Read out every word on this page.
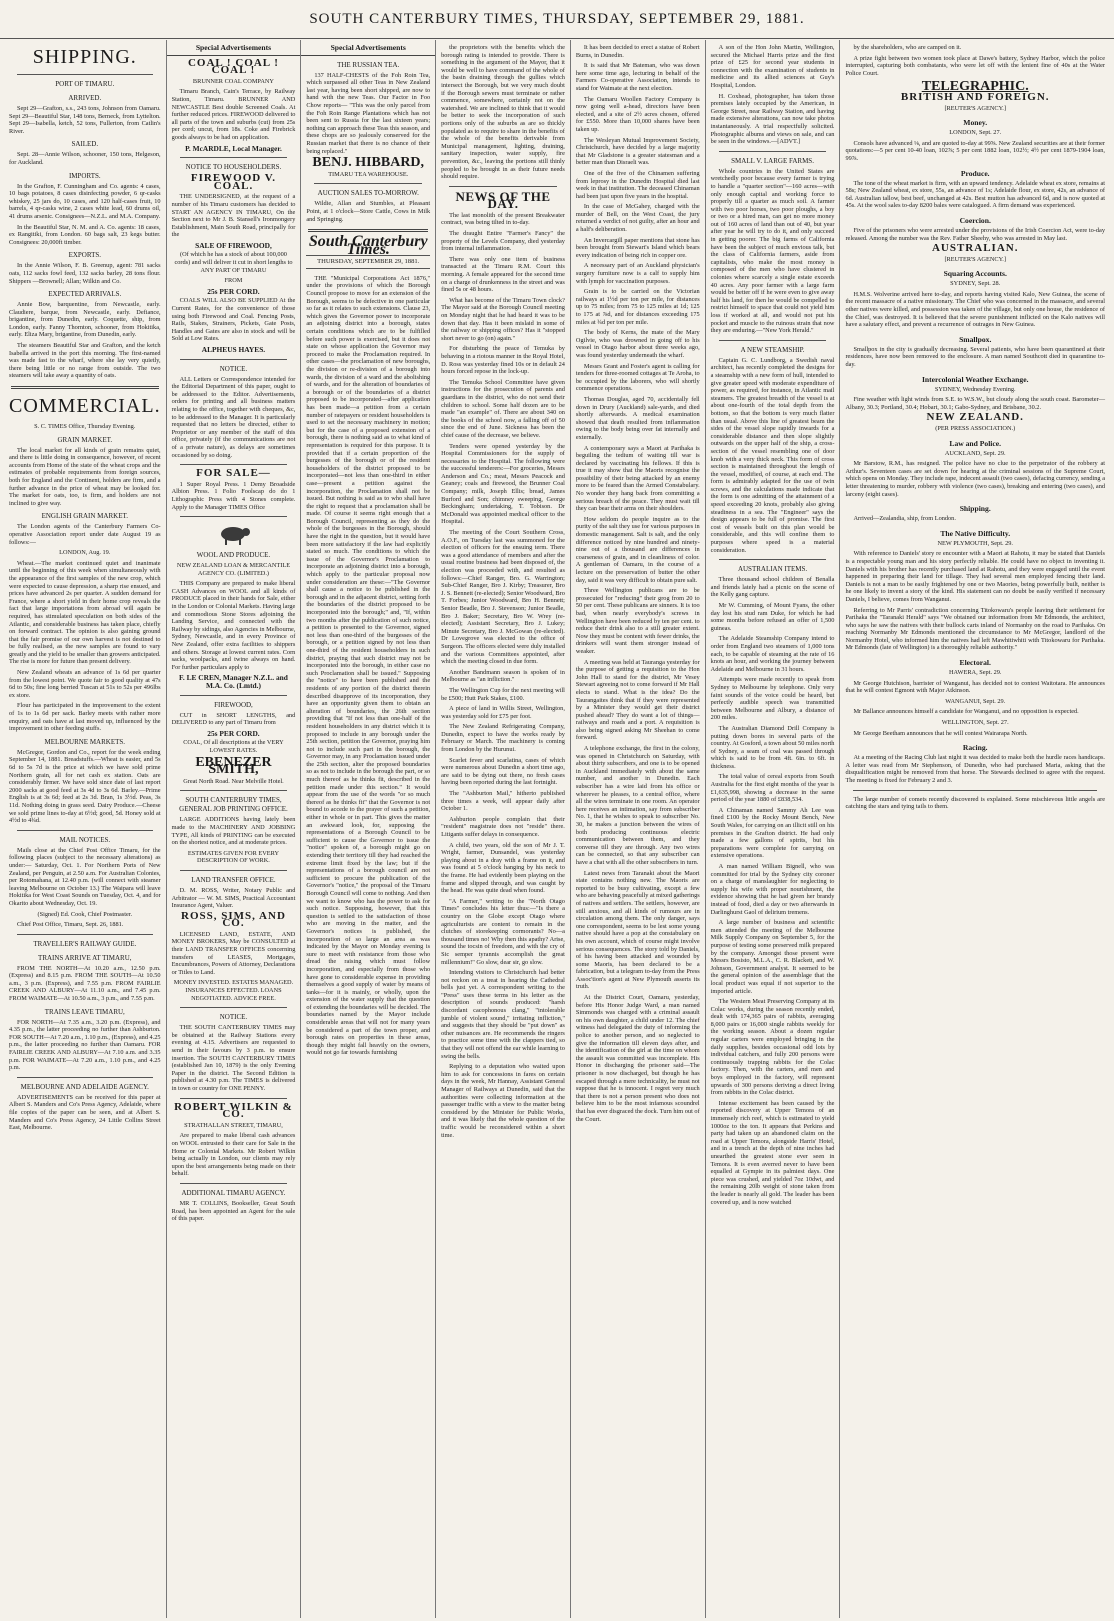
SOUTH CANTERBURY TIMES, THURSDAY, SEPTEMBER 29, 1881.
SHIPPING.
PORT OF TIMARU.
ARRIVED.

Sept 29—Grafton, s.s., 243 tons, Johnson from Oamaru. Sept 29—Beautiful Star, 148 tons, Berneck, from Lyttelton. Sept 29—Isabella, ketch, 52 tons, Fullerton, from Catlin's River.

SAILED.

Sept. 28—Annie Wilson, schooner, 150 tons, Helgeson, for Auckland.

IMPORTS.

In the Grafton, F. Cunningham and Co. agents: 4 cases, 10 bags potatoes, 8 cases disinfecting powder, 6 qr-casks whiskey, 25 jars do, 10 cases, and 120 half-cases fruit, 10 barrels, 4 qr-casks wine, 2 cases white lead, 60 drums oil, 41 drums arsenic. Consignees—N.Z.L. and M.A. Company.

In the Beautiful Star, N. M. and A. Co. agents: 18 cases, ex Rangitiki, from London. 60 bags salt, 23 kegs butter. Consignees: 20,000ft timber.

EXPORTS.

In the Annie Wilson, F. B. Greenup, agent: 781 sacks oats, 112 sacks fowl feed, 132 sacks barley, 28 tons flour. Shippers —Brownell; Allan; Wilkin and Co.

EXPECTED ARRIVALS.

Annie Bow, barquentine, from Newcastle, early. Claudiere, barque, from Newcastle, early. Defiance, brigantine, from Dunedin, early. Coquette, ship, from London, early. Fanny Thornton, schooner, from Hokitika, early. Eliza Mary, brigantine, from Dunedin, early.

The steamers Beautiful Star and Grafton, and the ketch Isabella arrived in the port this morning. The first-named was made fast to the wharf, where she lay very quietly, there being little or no range from outside. The two steamers will take away a quantity of oats.

COMMERCIAL.

S. C. TIMES Office, Thursday Evening.

GRAIN MARKET.

The local market for all kinds of grain remains quiet, and there is little doing in consequence, however, of recent accounts from Home of the state of the wheat crops and the estimates of probable requirements from foreign sources, both for England and the Continent, holders are firm, and a further advance in the price of wheat may be looked for. The market for oats, too, is firm, and holders are not inclined to give way.

ENGLISH GRAIN MARKET.

The London agents of the Canterbury Farmers Co-operative Association report under date August 19 as follows:—

LONDON, Aug. 19.

Wheat.—The market continued quiet and inanimate until the beginning of this week when simultaneously with the appearance of the first samples of the new crop, which were expected to cause depression, a sharp rise ensued, and prices have advanced 2s per quarter. A sudden demand for France, where a short yield in their home crop reveals the fact that large importations from abroad will again be required, has stimulated speculation on both sides of the Atlantic, and considerable business has taken place, chiefly on forward contract. The opinion is also gaining ground that the fair promise of our own harvest is not destined to be fully realised, as the new samples are found to vary greatly and the yield to be smaller than growers anticipated. The rise is more for future than present delivery.

New Zealand wheats an advance of 1s 6d per quarter from the lowest point. We quote fair to good quality at 47s 6d to 50s; fine long berried Tuscan at 51s to 52s per 496lbs ex store.

Flour has participated in the improvement to the extent of 1s to 1s 6d per sack. Barley meets with rather more enquiry, and oats have at last moved up, influenced by the improvement in other feeding stuffs.

MELBOURNE MARKETS.

McGregor, Gordon and Co., report for the week ending September 14, 1881. Breadstuffs.—Wheat is easier, and 5s 6d to 5s 7d is the price at which we have sold prime Northern grain, all for net cash ex station. Oats are considerably firmer. We have sold since date of last report 2000 sacks at good feed at 3s 4d to 3s 6d. Barley.—Prime English is at 3s 6d; feed at 2s 3d. Bran, 1s 3½d. Peas, 3s 11d. Nothing doing in grass seed. Dairy Produce.—Cheese we sold prime lines to-day at 6½d; good, 5d. Honey sold at 4½d to 4¾d.

MAIL NOTICES.

Mails close at the Chief Post Office Timaru, for the following places (subject to the necessary alterations) as under:— Saturday, Oct. 1. For Northern Ports of New Zealand, per Penguin, at 2.50 a.m. For Australian Colonies, per Rotomahana, at 12.40 p.m. (will connect with steamer leaving Melbourne on October 13.) The Waipara will leave Hokitika for West Coast Sounds on Tuesday, Oct. 4, and for Okarito about Wednesday, Oct. 19.

(Signed) Ed. Cook, Chief Postmaster.

Chief Post Office, Timaru, Sept. 26, 1881.

TRAVELLER'S RAILWAY GUIDE.
TRAINS ARRIVE AT TIMARU,

FROM THE NORTH—At 10.20 a.m., 12.50 p.m. (Express) and 8.15 p.m. FROM THE SOUTH—At 10.50 a.m., 3 p.m. (Express), and 7.55 p.m. FROM FAIRLIE CREEK AND ALBURY—At 11.10 a.m., and 7.45 p.m. FROM WAIMATE—At 10.50 a.m., 3 p.m., and 7.55 p.m.

TRAINS LEAVE TIMARU,

FOR NORTH—At 7.35 a.m., 3.20 p.m. (Express), and 4.35 p.m., the latter proceeding no further than Ashburton. FOR SOUTH—At 7.20 a.m., 1.10 p.m., (Express), and 4.25 p.m., the latter proceeding no further than Oamaru. FOR FAIRLIE CREEK AND ALBURY—At 7.10 a.m. and 3.35 p.m. FOR WAIMATE—At 7.20 a.m., 1.10 p.m., and 4.25 p.m.

MELBOURNE AND ADELAIDE AGENCY.

ADVERTISEMENTS can be received for this paper at Albert S. Manders and Co's Press Agency, Adelaide, where file copies of the paper can be seen, and at Albert S. Manders and Co's Press Agency, 24 Little Collins Street East, Melbourne.

Special Advertisements
COAL ! COAL ! COAL !

BRUNNER COAL COMPANY

Timaru Branch, Cain's Terrace, by Railway Station, Timaru. BRUNNER AND NEWCASTLE Best double Screened Coals. At further reduced prices. FIREWOOD delivered to all parts of the town and suburbs (cut) from 25s per cord; uncut, from 18s. Coke and Firebrick goods always to be had on application.

P. McARDLE, Local Manager.
NOTICE TO HOUSEHOLDERS.
FIREWOOD V. COAL.

THE UNDERSIGNED, at the request of a number of his Timaru customers has decided to START AN AGENCY IN TIMARU, On the Section next to Mr J. B. Stansell's Ironmongery Establishment, Main South Road, principally for the

SALE OF FIREWOOD,

(Of which he has a stock of about 100,000 cords) and will deliver it cut in short lengths to ANY PART OF TIMARU

FROM

25s PER CORD.

COALS WILL ALSO BE SUPPLIED At the Current Rates, for the convenience of those using both Firewood and Coal. Fencing Posts, Rails, Stakes, Strainers, Pickets, Gate Posts, Handles and Gates are also in stock and will be Sold at Low Rates.

ALPHEUS HAYES.
NOTICE.

ALL Letters or Correspondence intended for the Editorial Department of this paper, ought to be addressed to the Editor. Advertisements, orders for printing and all business matters relating to the office, together with cheques, &c, to be addressed to the Manager. It is particularly requested that no letters be directed, either to Proprietor or any member of the staff of this office, privately (if the communications are not of a private nature), as delays are sometimes occasioned by so doing.

FOR SALE—

1 Super Royal Press. 1 Demy Broadside Albion Press. 1 Folio Foolscap do do 1 Lithographic Press with 4 Stones complete. Apply to the Manager TIMES Office

WOOL AND PRODUCE.

NEW ZEALAND LOAN & MERCANTILE AGENCY CO. (LIMITED.)

THIS Company are prepared to make liberal CASH Advances on WOOL and all kinds of PRODUCE placed in their hands for Sale, either in the London or Colonial Markets. Having large and commodious Stone Stores adjoining the Landing Service, and connected with the Railway by sidings, also Agencies in Melbourne, Sydney, Newcastle, and in every Province of New Zealand, offer extra facilities to shippers and others. Storage at lowest current rates. Corn sacks, woolpacks, and twine always on hand. For further particulars apply to

F. LE CREN, Manager N.Z.L. and M.A. Co. (Lmtd.)
FIREWOOD,

CUT in SHORT LENGTHS, and DELIVERED to any part of Timaru from

25s PER CORD.

COAL, Of all descriptions at the VERY LOWEST RATES.

EBENEZER SMITH,

Great North Road. Near Melville Hotel.

SOUTH CANTERBURY TIMES, GENERAL JOB PRINTING OFFICE.

LARGE ADDITIONS having lately been made to the MACHINERY AND JOBBING TYPE, All kinds of PRINTING can be executed on the shortest notice, and at moderate prices.

ESTIMATES GIVEN FOR EVERY DESCRIPTION OF WORK.

LAND TRANSFER OFFICE.

D. M. ROSS, Writer, Notary Public and Arbitrator — W. M. SIMS, Practical Accountant Insurance Agent, Valuer.

ROSS, SIMS, AND CO.

LICENSED LAND, ESTATE, AND MONEY BROKERS, May be CONSULTED at their LAND TRANSFER OFFICES concerning transfers of LEASES, Mortgages, Encumbrances, Powers of Attorney, Declarations or Titles to Land.

MONEY INVESTED. ESTATES MANAGED. INSURANCES EFFECTED. LOANS NEGOTIATED. ADVICE FREE.

NOTICE.

THE SOUTH CANTERBURY TIMES may be obtained at the Railway Stations every evening at 4.15. Advertisers are requested to send in their favours by 3 p.m. to ensure insertion. The SOUTH CANTERBURY TIMES (established Jan 10, 1879) is the only Evening Paper in the district. The Second Edition is published at 4.30 p.m. The TIMES is delivered in town or country for ONE PENNY.

ROBERT WILKIN & CO.

STRATHALLAN STREET, TIMARU,

Are prepared to make liberal cash advances on WOOL entrusted to their care for Sale in the Home or Colonial Markets. Mr Robert Wilkin being actually in London, our clients may rely upon the best arrangements being made on their behalf.

ADDITIONAL TIMARU AGENCY.

MR T. COLLINS, Bookseller, Great South Road, has been appointed an Agent for the sale of this paper.

Special Advertisements
THE RUSSIAN TEA.

137 HALF-CHESTS of the Foh Roin Tea, which surpassed all other Teas in New Zealand last year, having been short shipped, are now to hand with the new Teas. Our Factor in Foo Chow reports— "This was the only parcel from the Foh Roin Range Plantations which has not been sent to Russia for the last sixteen years; nothing can approach these Teas this season, and these chops are so jealously conserved for the Russian market that there is no chance of their being replaced."

BENJ. HIBBARD,

TIMARU TEA WAREHOUSE.

AUCTION SALES TO-MORROW.

Wildie, Allan and Stumbles, at Pleasant Point, at 1 o'clock—Store Cattle, Cows in Milk and Springing.

South Canterbury Times.
THURSDAY, SEPTEMBER 29, 1881.

THE "Municipal Corporations Act 1876," under the provisions of which the Borough Council propose to move for an extension of the Borough, seems to be defective in one particular so far as it relates to such extensions. Clause 23, which gives the Governor power to incorporate an adjoining district into a borough, states certain conditions which are to be fulfilled before such power is exercised, but it does not state on whose application the Governor may proceed to make the Proclamation required. In other cases—the proclamation of new boroughs, the division or re-division of a borough into wards, the division of a ward and the abolishing of wards, and for the alteration of boundaries of a borough or of the boundaries of a district proposed to be incorporated—after application has been made—a petition from a certain number of ratepayers or resident householders is used to set the necessary machinery in motion; but for the case of a proposed extension of a borough, there is nothing said as to what kind of representation is required for this purpose. It is provided that if a certain proportion of the burgesses of the borough or of the resident householders of the district proposed to be incorporated—not less than one-third in either case—present a petition against the incorporation, the Proclamation shall not be issued. But nothing is said as to who shall have the right to request that a proclamation shall be made. Of course it seems right enough that a Borough Council, representing as they do the whole of the burgesses in the Borough, should have the right in the question, but it would have been more satisfactory if the law had explicitly stated so much. The conditions to which the issue of the Governor's Proclamation to incorporate an adjoining district into a borough, which apply to the particular proposal now under consideration are these:—"The Governor shall cause a notice to be published in the borough and in the adjacent district, setting forth the boundaries of the district proposed to be incorporated into the borough;" and, "If, within two months after the publication of such notice, a petition is presented to the Governor, signed not less than one-third of the burgesses of the borough, or a petition signed by not less than one-third of the resident householders in such district, praying that such district may not be incorporated into the borough, in either case no such Proclamation shall be issued." Supposing the "notice" to have been published and the residents of any portion of the district therein described disapprove of its incorporation, they have an opportunity given them to obtain an alteration of boundaries, the 26th section providing that "If not less than one-half of the resident householders in any district which it is proposed to include in any borough under the 25th section, petition the Governor, praying him not to include such part in the borough, the Governor may, in any Proclamation issued under the 25th section, alter the proposed boundaries so as not to include in the borough the part, or so much thereof as he thinks fit, described in the petition made under this section." It would appear from the use of the words "or so much thereof as he thinks fit" that the Governor is not bound to accede to the prayer of such a petition, either in whole or in part. This gives the matter an awkward look, for, supposing the representations of a Borough Council to be sufficient to cause the Governor to issue the "notice" spoken of, a borough might go on extending their territory till they had reached the extreme limit fixed by the law; but if the representations of a borough council are not sufficient to procure the publication of the Governor's "notice," the proposal of the Timaru Borough Council will come to nothing. And then we want to know who has the power to ask for such notice. Supposing, however, that this question is settled to the satisfaction of those who are moving in the matter, and the Governor's notices is published, the incorporation of so large an area as was indicated by the Mayor on Monday evening is sure to meet with resistance from those who dread the raising which must follow incorporation, and especially from those who have gone to considerable expense in providing themselves a good supply of water by means of tanks—for it is mainly, or wholly, upon the extension of the water supply that the question of extending the boundaries will be decided. The boundaries named by the Mayor include considerable areas that will not for many years be considered a part of the town proper, and borough rates on properties in these areas, though they might fall heavily on the owners, would not go far towards furnishing

the proprietors with the benefits which the borough rating is intended to provide. There is something in the argument of the Mayor, that it would be well to have command of the whole of the basin draining through the gullies which intersect the Borough, but we very much doubt if the Borough sewers must terminate or rather commence, somewhere, certainly not on the watershed. We are inclined to think that it would be better to seek the incorporation of such portions only of the suburbs as are so thickly populated as to require to share in the benefits of the whole of the benefits derivable from Municipal management, lighting, draining, sanitary inspection, water supply, fire prevention, &c., leaving the portions still thinly peopled to be brought in as their future needs should require.

NEWS OF THE DAY.

The last monolith of the present Breakwater contract, was being tilted in to-day.

The draught Entire "Farmer's Fancy" the property of the Levels Company, died yesterday from internal inflammation.

There was only one item of business transacted at the Timaru R.M. Court this morning. A female appeared for the second time on a charge of drunkenness in the street and was fined 5s or 48 hours.

What has become of the Timaru Town clock? The Mayor said at the Borough Council meeting on Monday night that he had heard it was to be down that day. Has it been mislaid in some of the railway or shipping offices? Has it "stopped short never to go (on) again."

For disturbing the peace of Temuka by behaving in a riotous manner in the Royal Hotel, D. Ross was yesterday fined 10s or in default 24 hours forced repose in the lock-up.

The Temuka School Committee have given instructions for the prosecution of parents and guardians in the district, who do not send their children to school. Some half dozen are to be made "an example" of. There are about 340 on the books of the school now, a falling off of 50 since the end of June. Sickness has been the chief cause of the decrease, we believe.

Tenders were opened yesterday by the Hospital Commissioners for the supply of necessaries to the Hospital. The following were the successful tenderers:—For groceries, Messrs Anderson and Co.; meat, Messrs Peacock and Geaney; coals and firewood, the Brunner Coal Company; milk, Joseph Ellis; bread, James Burford and Son; chimney sweeping, George Beckingham; undertaking, T. Tobison. Dr McDonald was appointed medical officer to the Hospital.

The meeting of the Court Southern Cross, A.O.F., on Tuesday last was summoned for the election of officers for the ensuing term. There was a good attendance of members and after the usual routine business had been disposed of, the election was proceeded with, and resulted as follows:—Chief Ranger, Bro. G. Warrington; Sub-Chief Ranger, Bro J. Kirby; Treasurer, Bro J. S. Bennett (re-elected); Senior Woodward, Bro T. Forbes; Junior Woodward, Bro H. Bennett; Senior Beadle, Bro J. Stevenson; Junior Beadle, Bro J. Baker; Secretary, Bro W. Wrey (re-elected); Assistant Secretary, Bro J. Lukey; Minute Secretary, Bro J. McGowan (re-elected). Dr Lovegrove was elected to the office of Surgeon. The officers elected were duly installed and the various Committees appointed, after which the meeting closed in due form.

Another Bandmann season is spoken of in Melbourne as "an infliction."

The Wellington Cup for the next meeting will be £500; Hutt Park Stakes, £100.

A piece of land in Willis Street, Wellington, was yesterday sold for £75 per foot.

The New Zealand Refrigerating Company, Dunedin, expect to have the works ready by February or March. The machinery is coming from London by the Hurunui.

Scarlet fever and scarlatina, cases of which were numerous about Dunedin a short time ago, are said to be dying out there, no fresh cases having been reported during the last fortnight.

The "Ashburton Mail," hitherto published three times a week, will appear daily after October 1.

Ashburton people complain that their "resident" magistrate does not "reside" there. Litigants suffer delays in consequence.

A child, two years, old the son of Mr J. T. Wright, farmer, Dunsandel, was yesterday playing about in a dray with a frame on it, and was found at 5 o'clock hanging by his neck to the frame. He had evidently been playing on the frame and slipped through, and was caught by the head. He was quite dead when found.

"A Farmer," writing to the "North Otago Times" concludes his letter thus:—"Is there a country on the Globe except Otago where agriculturists are content to remain in the clutches of storekeeping cormorants? No—a thousand times no! Why then this apathy? Arise, sound the tocsin of freedom, and with the cry of Sic semper tyrannis accomplish the great millennium!" Go slow, dear sir, go slow.

Intending visitors to Christchurch had better not reckon on a treat in hearing the Cathedral bells just yet. A correspondent writing to the "Press" uses these terms in his letter as the description of sounds produced: "harsh discordant cacophonous clang," "intolerable jumble of violent sound," irritating infliction," and suggests that they should be "put down" as other nuisances are. He recommends the ringers to practice some time with the clappers tied, so that they will not offend the ear while learning to swing the bells.

Replying to a deputation who waited upon him to ask for concessions in fares on certain days in the week, Mr Hannay, Assistant General Manager of Railways at Dunedin, said that the authorities were collecting information at the passenger traffic with a view to the matter being considered by the Minister for Public Works, and it was likely that the whole question of the traffic would be reconsidered within a short time.

It has been decided to erect a statue of Robert Burns, in Dunedin.

It is said that Mr Bateman, who was down here some time ago, lecturing in behalf of the Farmers Co-operative Association, intends to stand for Waimate at the next election.

The Oamaru Woollen Factory Company is now going well a-head, directors have been elected, and a site of 2½ acres chosen, offered for £550. More than 10,000 shares have been taken up.

The Wesleyan Mutual Improvement Society, Christchurch, have decided by a large majority that Mr Gladstone is a greater statesman and a better man than Disraeli was.

One of the five of the Chinamen suffering from leprosy in the Dunedin Hospital died last week in that institution. The deceased Chinaman had been just upon five years in the hospital.

In the case of McGahey, charged with the murder of Bell, on the West Coast, the jury returned a verdict of not guilty, after an hour and a half's deliberation.

An Invercargill paper mentions that stone has been brought from Stewart's Island which bears every indication of being rich in copper ore.

A necessary part of an Auckland physician's surgery furniture now is a calf to supply him with lymph for vaccination purposes.

Grain is to be carried on the Victorian railways at 1½d per ton per mile, for distances up to 75 miles; from 75 to 125 miles at 1d; 125 to 175 at ⅞d, and for distances exceeding 175 miles at ¾d per ton per mile.

The body of Kerns, the mate of the Mary Ogilvie, who was drowned in going off to his vessel in Otago harbor about three weeks ago, was found yesterday underneath the wharf.

Messrs Grant and Foster's agent is calling for tenders for three-roomed cottages at Te Aroha, to be occupied by the laborers, who will shortly commence operations.

Thomas Douglas, aged 70, accidentally fell down in Drury (Auckland) sale-yards, and died shortly afterwards. A medical examination showed that death resulted from inflammation owing to the body being over fat internally and externally.

A contemporary says a Maori at Parihaka is beguiling the tedium of waiting till war is declared by vaccinating his fellows. If this is true it may show that the Maoris recognise the possibility of their being attacked by an enemy more to be feared than the Armed Constabulary. No wonder they hang back from committing a serious breach of the peace. They must wait till they can bear their arms on their shoulders.

How seldom do people inquire as to the purity of the salt they use for various purposes in domestic management. Salt is salt, and the only difference noticed by nine hundred and ninety-nine out of a thousand are differences in coarseness of grain, and in cleanliness of color. A gentleman of Oamaru, in the course of a lecture on the preservation of butter the other day, said it was very difficult to obtain pure salt.

Three Wellington publicans are to be prosecuted for "reducing" their grog from 20 to 50 per cent. These publicans are sinners. It is too bad, when nearly everybody's screws in Wellington have been reduced by ten per cent. to reduce their drink also to a still greater extent. Now they must be content with fewer drinks, the drinkers will want them stronger instead of weaker.

A meeting was held at Tauranga yesterday for the purpose of getting a requisition to the Hon John Hall to stand for the district, Mr Vesey Stewart agreeing not to come forward if Mr Hall elects to stand. What is the idea? Do the Taurangaites think that if they were represented by a Minister they would get their district pushed ahead? They do want a lot of things—railways and roads and a port. A requisition is also being signed asking Mr Sheehan to come forward.

A telephone exchange, the first in the colony, was opened in Christchurch on Saturday, with about thirty subscribers, and one is to be opened in Auckland immediately with about the same number, and another in Dunedin. Each subscriber has a wire laid from his office or wherever he pleases, to a central office, where all the wires terminate in one room. An operator here receives an intimation, say from subscriber No. 1, that he wishes to speak to subscriber No. 30, he makes a junction between the wires of both producing continuous electric communication between them, and they converse till they are through. Any two wires can be connected, so that any subscriber can have a chat with all the other subscribers in turn.

Latest news from Taranaki about the Maori state contains nothing new. The Maoris are reported to be busy cultivating, except a few who are behaving peacefully at mixed gatherings of natives and settlers. The settlers, however, are still anxious, and all kinds of rumours are in circulation among them. The only danger, says one correspondent, seems to be lest some young native should have a pop at the constabulary on his own account, which of course might involve serious consequences. The story told by Daniels, of his having been attacked and wounded by some Maoris, has been declared to be a fabrication, but a telegram to-day from the Press Assoc'tion's agent at New Plymouth asserts its truth.

At the District Court, Oamaru, yesterday, before His Honor Judge Ward, a man named Simmonds was charged with a criminal assault on his own daughter, a child under 12. The chief witness had delegated the duty of informing the police to another person, and so neglected to give the information till eleven days after, and the identification of the girl at the time on whom the assault was committed was incomplete. His Honor in discharging the prisoner said—The prisoner is now discharged, but though he has escaped through a mere technicality, he must not suppose that he is innocent. I regret very much that there is not a person present who does not believe him to be the most infamous scoundrel that has ever disgraced the dock. Turn him out of the Court.

A son of the Hon John Martin, Wellington, secured the Michael Harris prize and the first prize of £25 for second year students in connection with the examination of students in medicine and its allied sciences at Guy's Hospital, London.

H. Coxhead, photographer, has taken those premises lately occupied by the American, in George Street, near Railway Station, and having made extensive alterations, can now take photos instantaneously. A trial respectfully solicited. Photographic albums and views on sale, and can be seen in the windows.—[ADVT.]

SMALL V. LARGE FARMS.

Whole countries in the United States are wretchedly poor because every farmer is trying to handle a "quarter section"—160 acres—with only enough capital and working force to properly till a quarter as much soil. A farmer with two poor horses, two poor ploughs, a boy or two or a hired man, can get no more money out of 160 acres of land than out of 40, but year after year he will try to do it, and only succeed in getting poorer. The big farms of California have been the subject of much envious talk, but the class of California farmers, aside from capitalists, who make the most money is composed of the men who have clustered in colonies where scarcely a single estate exceeds 40 acres. Any poor farmer with a large farm would be better off if he were even to give away half his land, for then he would be compelled to restrict himself to space that could not yield him loss if worked at all, and would not put his pocket and muscle to the ruinous strain that now they are enduring.—"New York Herald."

A NEW STEAMSHIP.

Captain G. C. Lundborg, a Swedish naval architect, has recently completed the designs for a steamship with a new form of hull, intended to give greater speed with moderate expenditure of power, as required, for instance, in Atlantic mail steamers. The greatest breadth of the vessel is at about one-fourth of the total depth from the bottom, so that the bottom is very much flatter than usual. Above this line of greatest beam the sides of the vessel slope rapidly inwards for a considerable distance and then slope slightly outwards on the upper half of the ship, a cross-section of the vessel resembling one of door knob with a very thick neck. This form of cross section is maintained throughout the length of the vessel, modified, of course, at each end. The form is admirably adapted for the use of twin screws, and the calculations made indicate that the form is one admitting of the attainment of a speed exceeding 20 knots, probably also giving steadiness in a sea. The "Engineer" says the design appears to be full of promise. The first cost of vessels built on this plan would be considerable, and this will confine them to purposes where speed is a material consideration.

AUSTRALIAN ITEMS.

Three thousand school children of Benalla and friends lately had a picnic on the scene of the Kelly gang capture.

Mr W. Cumming, of Mount Fyans, the other day lost his stud ram Duke, for which he had some months before refused an offer of 1,500 guineas.

The Adelaide Steamship Company intend to order from England two steamers of 1,000 tons each, to be capable of steaming at the rate of 16 knots an hour, and working the journey between Adelaide and Melbourne in 31 hours.

Attempts were made recently to speak from Sydney to Melbourne by telephone. Only very faint sounds of the voice could be heard, but perfectly audible speech was transmitted between Melbourne and Albury, a distance of 200 miles.

The Australian Diamond Drill Company is putting down bores in several parts of the country. At Gosford, a town about 50 miles north of Sydney, a seam of coal was passed through which is said to be from 4ft. 6in. to 6ft. in thickness.

The total value of cereal exports from South Australia for the first eight months of the year is £1,635,998, showing a decrease in the same period of the year 1880 of £838,534.

A Chinaman named Sammy Ah Lee was fined £100 by the Rocky Mount Bench, New South Wales, for carrying on an illicit still on his premises in the Grafton district. He had only made a few gallons of spirits, but his preparations were complete for carrying on extensive operations.

A man named William Bignell, who was committed for trial by the Sydney city coroner on a charge of manslaughter for neglecting to supply his wife with proper nourishment, the evidence showing that he had given her brandy instead of food, died a day or two afterwards in Darlinghurst Gaol of delirium tremens.

A large number of business and scientific men attended the meeting of the Melbourne Milk Supply Company on September 5, for the purpose of testing some preserved milk prepared by the company. Amongst those present were Messrs Bosisto, M.L.A., C. R. Blackett, and W. Johnson, Government analyst. It seemed to be the general opinion of the assemblage that the local product was equal if not superior to the imported article.

The Western Meat Preserving Company at its Colac works, during the season recently ended, dealt with 174,365 pairs of rabbits, averaging 8,000 pairs or 16,000 single rabbits weekly for the working season. About a dozen regular regular carters were employed bringing in the daily supplies, besides occasional odd lots by individual catchers, and fully 200 persons were continuously trapping rabbits for the Colac factory. Then, with the carters, and men and boys employed in the factory, will represent upwards of 300 persons deriving a direct living from rabbits in the Colac district.

Intense excitement has been caused by the reported discovery at Upper Temora of an immensely rich reef, which is estimated to yield 1000oz to the ton. It appears that Perkins and party had taken up an abandoned claim on the road at Upper Temora, alongside Harris' Hotel, and in a trench at the depth of nine inches had unearthed the greatest stone ever seen in Temora. It is even averred never to have been equalled at Gympie in its palmiest days. One piece was crushed, and yielded 7oz 10dwt, and the remaining 20lb weight of stone taken from the leader is nearly all gold. The leader has been covered up, and is now watched

by the shareholders, who are camped on it.

A prize fight between two women took place at Dawe's battery, Sydney Harbor, which the police interrupted, capturing both combatants, who were let off with the lenient fine of 40s at the Water Police Court.

TELEGRAPHIC.
BRITISH AND FOREIGN.

[REUTER'S AGENCY.]

Money.

LONDON, Sept. 27.

Consols have advanced ⅛, and are quoted to-day at 99⅝. New Zealand securities are at their former quotations:—5 per cent 10-40 loan, 102⅞; 5 per cent 1882 loan, 102½; 4½ per cent 1879-1904 loan, 99⅞.

Produce.

The tone of the wheat market is firm, with an upward tendency. Adelaide wheat ex store, remains at 58s; New Zealand wheat, ex store, 55s, an advance of 1s; Adelaide flour, ex store, 42s, an advance of 6d. Australian tallow, best beef, unchanged at 42s. Best mutton has advanced 6d, and is now quoted at 45s. At the wool sales to-day 8200 bales were catalogued. A firm demand was experienced.

Coercion.

Five of the prisoners who were arrested under the provisions of the Irish Coercion Act, were to-day released. Among the number was the Rev. Father Sheehy, who was arrested in May last.

AUSTRALIAN.

[REUTER'S AGENCY.]

Squaring Accounts.

SYDNEY, Sept. 28.

H.M.S. Wolverine arrived here to-day, and reports having visited Kalo, New Guinea, the scene of the recent massacre of a native missionary. The Chief who was concerned in the massacre, and several other natives were killed, and possession was taken of the village, but only one house, the residence of the Chief, was destroyed. It is believed that the severe punishment inflicted on the Kalo natives will have a salutary effect, and prevent a recurrence of outrages in New Guinea.

Smallpox.

Smallpox in the city is gradually decreasing. Several patients, who have been quarantined at their residences, have now been removed to the enclosure. A man named Southcott died in quarantine to-day.

Intercolonial Weather Exchange.

SYDNEY, Wednesday Evening.

Fine weather with light winds from S.E. to W.S.W., but cloudy along the south coast. Barometer—Albany, 30.3; Portland, 30.4; Hobart, 30.1; Gabo-Sydney, and Brisbane, 30.2.

NEW ZEALAND.

(PER PRESS ASSOCIATION.)

Law and Police.

AUCKLAND, Sept. 29.

Mr Barstow, R.M., has resigned. The police have no clue to the perpetrator of the robbery at Arthur's. Seventeen cases are set down for hearing at the criminal sessions of the Supreme Court, which opens on Monday. They include rape, indecent assault (two cases), defacing currency, sending a letter threatening to murder, robbery with violence (two cases), breaking and entering (two cases), and larceny (eight cases).

Shipping.

Arrived—Zealandia, ship, from London.

The Native Difficulty.

NEW PLYMOUTH, Sept. 29.

With reference to Daniels' story re encounter with a Maori at Rahotu, it may be stated that Daniels is a respectable young man and his story perfectly reliable. He could have no object in inventing it. Daniels with his brother has recently purchased land at Rahotu, and they were engaged until the event happened in preparing their land for tillage. They had several men employed fencing their land. Daniels is not a man to be easily frightened by one or two Maories, being powerfully built, neither is he one likely to invent a story of the kind. His statement can no doubt be easily verified if necessary Daniels, I believe, comes from Wanganui.

Referring to Mr Parris' contradiction concerning Titokowaru's people leaving their settlement for Parihaka the "Taranaki Herald" says "We obtained our information from Mr Edmonds, the architect, who says he saw the natives with their bullock carts inland of Normanby on the road to Parihaka. On reaching Normanby Mr Edmonds mentioned the circumstance to Mr McGregor, landlord of the Normanby Hotel, who informed him the natives had left Mawhitiwhiti with Titokowaru for Parihaka. Mr Edmonds (late of Wellington) is a thoroughly reliable authority."

Electoral.

HAWERA, Sept. 29.

Mr George Hutchison, barrister of Wanganui, has decided not to contest Waitotara. He announces that he will contest Egmont with Major Atkinson.

WANGANUI, Sept. 29.

Mr Ballance announces himself a candidate for Wanganui, and no opposition is expected.

WELLINGTON, Sept. 27.

Mr George Beetham announces that he will contest Wairarapa North.

Racing.

At a meeting of the Racing Club last night it was decided to make both the hurdle races handicaps. A letter was read from Mr Stephenson, of Dunedin, who had purchased Maria, asking that the disqualification might be removed from that horse. The Stewards declined to agree with the request. The meeting is fixed for February 2 and 3.

The large number of comets recently discovered is explained. Some mischievous little angels are catching the stars and tying tails to them.
